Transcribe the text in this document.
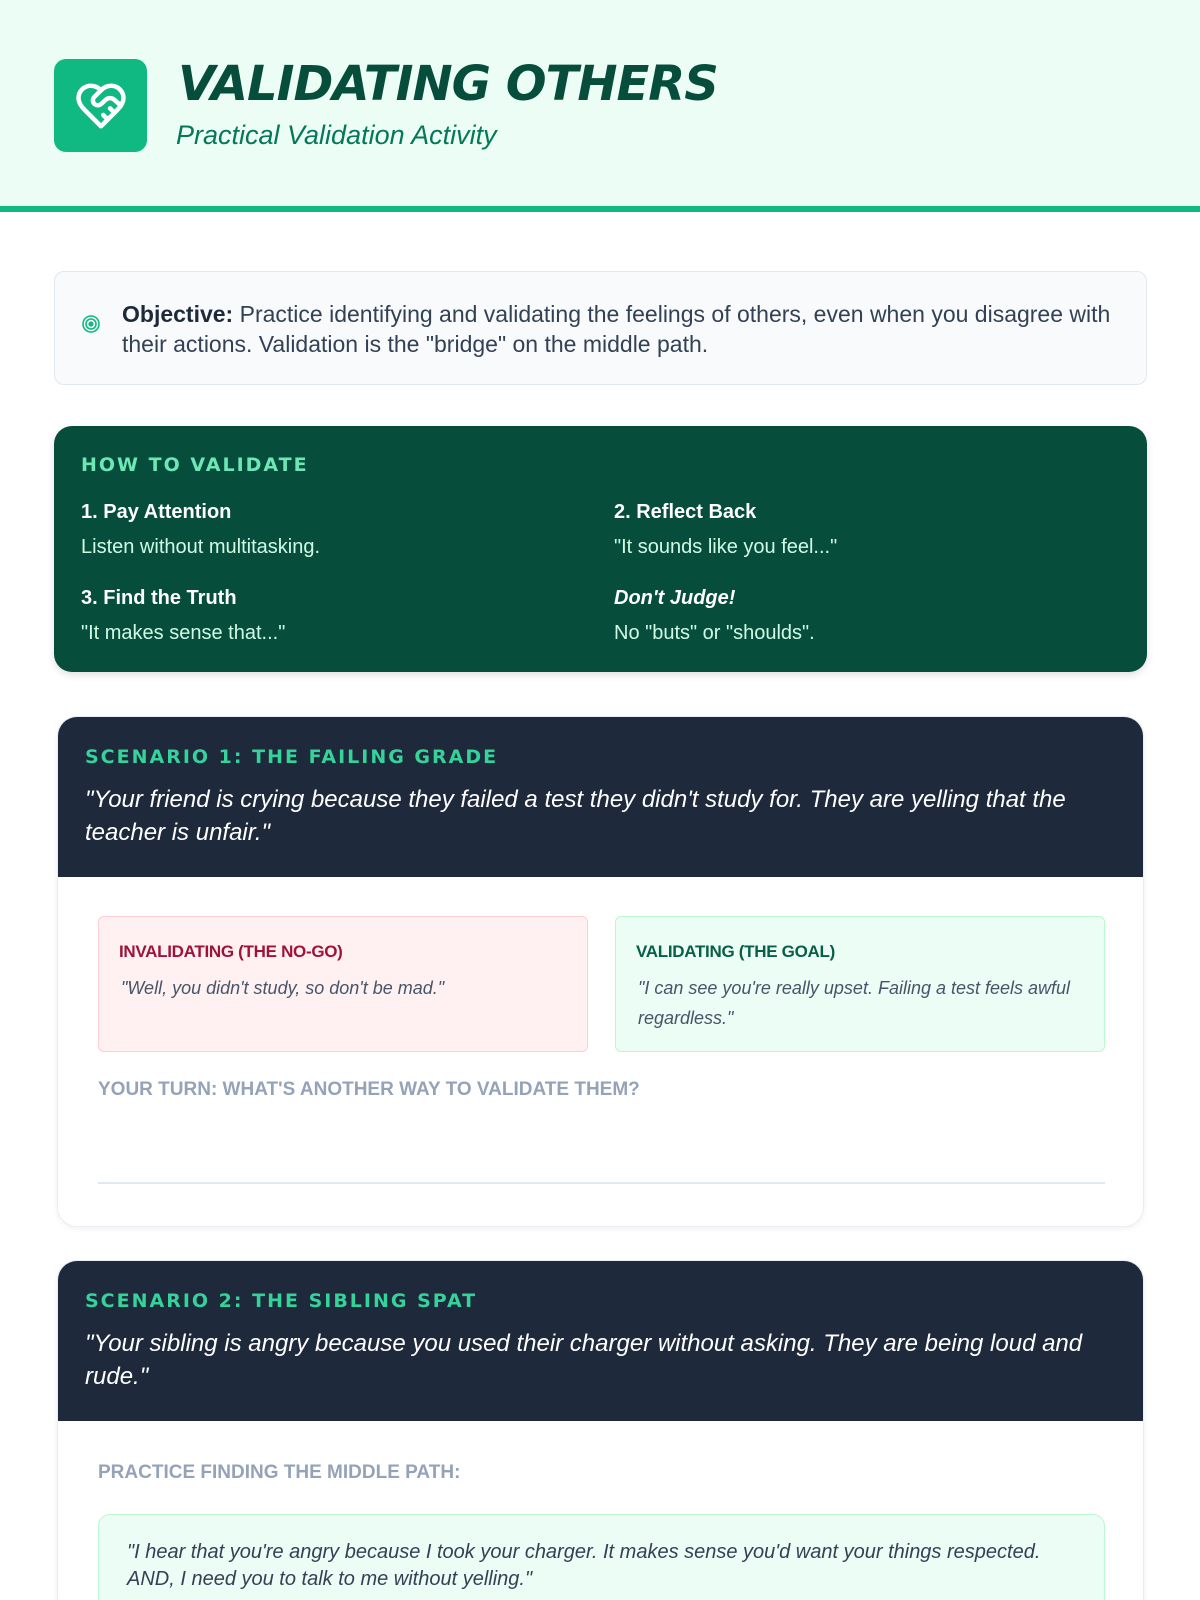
VALIDATING OTHERS
Practical Validation Activity
Objective: Practice identifying and validating the feelings of others, even when you disagree with their actions. Validation is the "bridge" on the middle path.
HOW TO VALIDATE
1. Pay Attention
Listen without multitasking.
2. Reflect Back
"It sounds like you feel..."
3. Find the Truth
"It makes sense that..."
Don't Judge!
No "buts" or "shoulds".
SCENARIO 1: THE FAILING GRADE
"Your friend is crying because they failed a test they didn't study for. They are yelling that the teacher is unfair."
INVALIDATING (THE NO-GO)
"Well, you didn't study, so don't be mad."
VALIDATING (THE GOAL)
"I can see you're really upset. Failing a test feels awful regardless."
YOUR TURN: WHAT'S ANOTHER WAY TO VALIDATE THEM?
SCENARIO 2: THE SIBLING SPAT
"Your sibling is angry because you used their charger without asking. They are being loud and rude."
PRACTICE FINDING THE MIDDLE PATH:
"I hear that you're angry because I took your charger. It makes sense you'd want your things respected. AND, I need you to talk to me without yelling."
